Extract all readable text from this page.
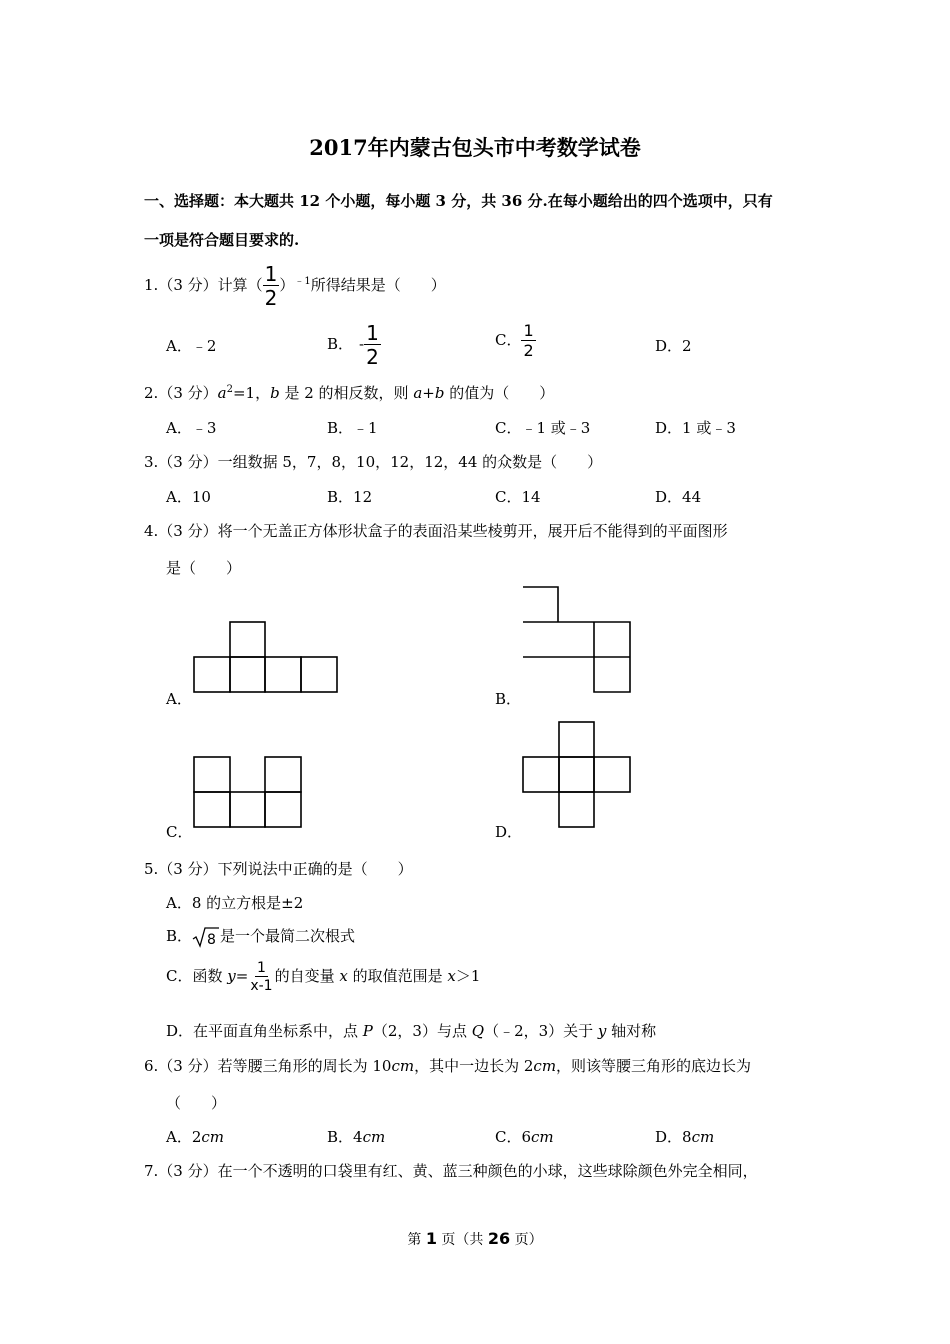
2017年内蒙古包头市中考数学试卷
一、选择题：本大题共 12 个小题，每小题 3 分，共 36 分.在每小题给出的四个选项中，只有
一项是符合题目要求的.
1.（3 分）计算（ $\frac{1}{2} )^{﹣1}$所得结果是（　　）
A．﹣2	B． - $\frac{1}{2}$	C． $\frac{1}{2}$	D．2
2.（3 分）$a^2=1$，b 是 2 的相反数，则 a+b 的值为（　　）
A．﹣3	B．﹣1	C．﹣1 或﹣3	D．1 或﹣3
3.（3 分）一组数据 5，7，8，10，12，12，44 的众数是（　　）
A．10	B．12	C．14	D．44
4.（3 分）将一个无盖正方体形状盒子的表面沿某些棱剪开，展开后不能得到的平面图形
是（　　）
A．	B．
C．	D．
5.（3 分）下列说法中正确的是（　　）
A．8 的立方根是±2
B． 8 是一个最简二次根式
C．函数 $y= \frac{1}{x-1}$ 的自变量 x 的取值范围是 x＞1
D．在平面直角坐标系中，点 P（2，3）与点 Q（﹣2，3）关于 y 轴对称
6.（3 分）若等腰三角形的周长为 10cm，其中一边长为 2cm，则该等腰三角形的底边长为
（　　）
A．2cm	B．4cm	C．6cm	D．8cm
7.（3 分）在一个不透明的口袋里有红、黄、蓝三种颜色的小球，这些球除颜色外完全相同，
第 1 页（共 26 页）
